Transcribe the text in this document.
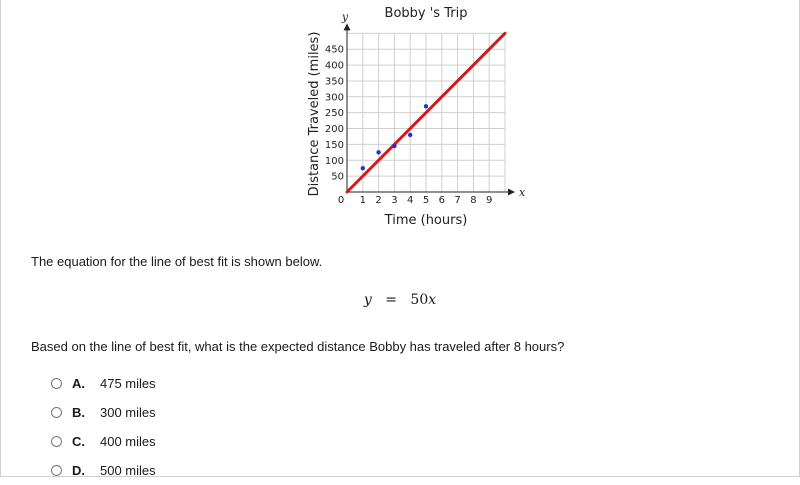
x
y
0 1 2 3 4 5 6 7 8 9
50
100
150
200
250
300
350
400
450
Bobby 's Trip
Time (hours)
Distance Traveled (miles)
The equation for the line of best fit is shown below.
y = 50x
Based on the line of best fit, what is the expected distance Bobby has traveled after 8 hours?
A.	475 miles
B.	300 miles
C.	400 miles
D.	500 miles
